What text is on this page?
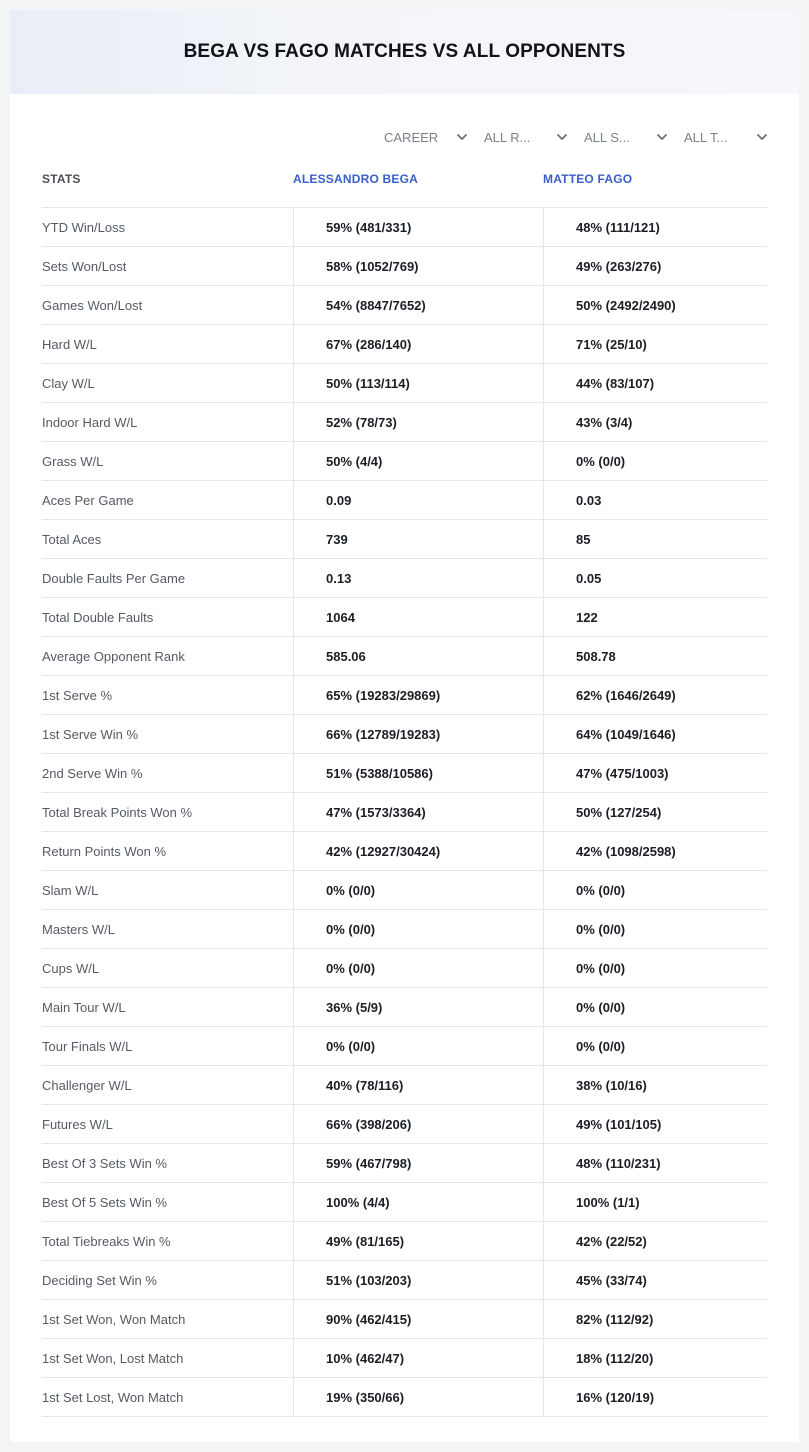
BEGA VS FAGO MATCHES VS ALL OPPONENTS
CAREER	ALL R...	ALL S...	ALL T...
STATS	ALESSANDRO BEGA	MATTEO FAGO
YTD Win/Loss	59% (481/331)	48% (111/121)
Sets Won/Lost	58% (1052/769)	49% (263/276)
Games Won/Lost	54% (8847/7652)	50% (2492/2490)
Hard W/L	67% (286/140)	71% (25/10)
Clay W/L	50% (113/114)	44% (83/107)
Indoor Hard W/L	52% (78/73)	43% (3/4)
Grass W/L	50% (4/4)	0% (0/0)
Aces Per Game	0.09	0.03
Total Aces	739	85
Double Faults Per Game	0.13	0.05
Total Double Faults	1064	122
Average Opponent Rank	585.06	508.78
1st Serve %	65% (19283/29869)	62% (1646/2649)
1st Serve Win %	66% (12789/19283)	64% (1049/1646)
2nd Serve Win %	51% (5388/10586)	47% (475/1003)
Total Break Points Won %	47% (1573/3364)	50% (127/254)
Return Points Won %	42% (12927/30424)	42% (1098/2598)
Slam W/L	0% (0/0)	0% (0/0)
Masters W/L	0% (0/0)	0% (0/0)
Cups W/L	0% (0/0)	0% (0/0)
Main Tour W/L	36% (5/9)	0% (0/0)
Tour Finals W/L	0% (0/0)	0% (0/0)
Challenger W/L	40% (78/116)	38% (10/16)
Futures W/L	66% (398/206)	49% (101/105)
Best Of 3 Sets Win %	59% (467/798)	48% (110/231)
Best Of 5 Sets Win %	100% (4/4)	100% (1/1)
Total Tiebreaks Win %	49% (81/165)	42% (22/52)
Deciding Set Win %	51% (103/203)	45% (33/74)
1st Set Won, Won Match	90% (462/415)	82% (112/92)
1st Set Won, Lost Match	10% (462/47)	18% (112/20)
1st Set Lost, Won Match	19% (350/66)	16% (120/19)
